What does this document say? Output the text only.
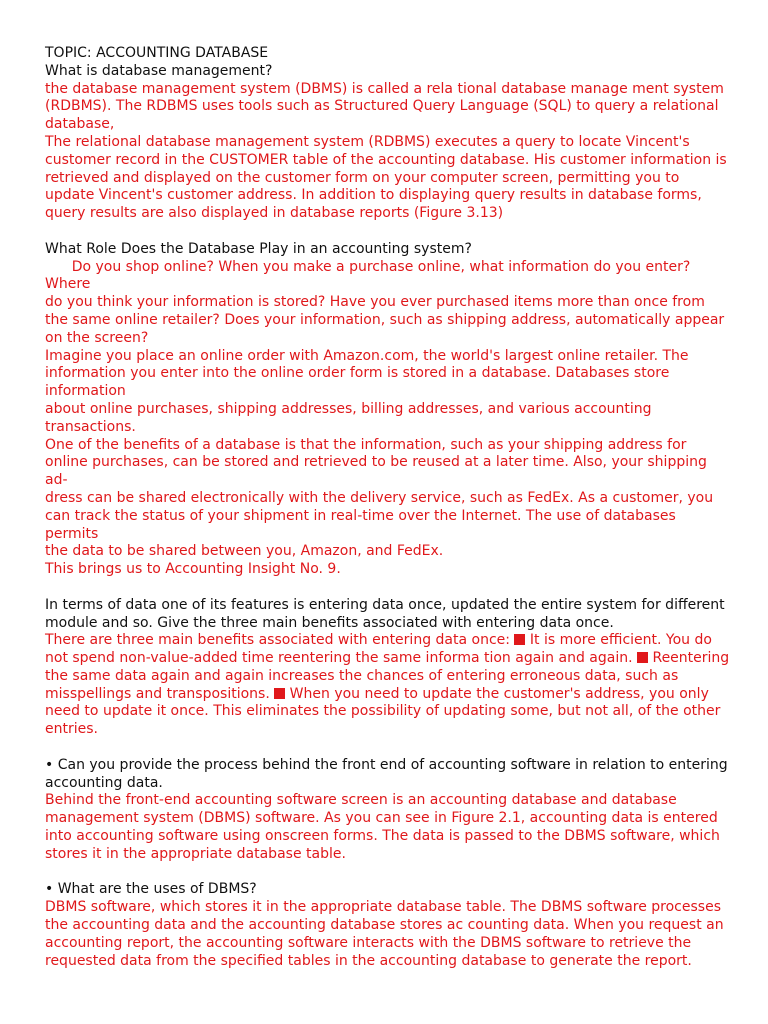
TOPIC: ACCOUNTING DATABASE
What is database management?
the database management system (DBMS) is called a rela tional database manage ment system
(RDBMS). The RDBMS uses tools such as Structured Query Language (SQL) to query a relational
database,
The relational database management system (RDBMS) executes a query to locate Vincent's
customer record in the CUSTOMER table of the accounting database. His customer information is
retrieved and displayed on the customer form on your computer screen, permitting you to
update Vincent's customer address. In addition to displaying query results in database forms,
query results are also displayed in database reports (Figure 3.13)
What Role Does the Database Play in an accounting system?
Do you shop online? When you make a purchase online, what information do you enter?
Where
do you think your information is stored? Have you ever purchased items more than once from
the same online retailer? Does your information, such as shipping address, automatically appear
on the screen?
Imagine you place an online order with Amazon.com, the world's largest online retailer. The
information you enter into the online order form is stored in a database. Databases store
information
about online purchases, shipping addresses, billing addresses, and various accounting
transactions.
One of the benefits of a database is that the information, such as your shipping address for
online purchases, can be stored and retrieved to be reused at a later time. Also, your shipping
ad-
dress can be shared electronically with the delivery service, such as FedEx. As a customer, you
can track the status of your shipment in real-time over the Internet. The use of databases
permits
the data to be shared between you, Amazon, and FedEx.
This brings us to Accounting Insight No. 9.
In terms of data one of its features is entering data once, updated the entire system for different
module and so. Give the three main benefits associated with entering data once.
There are three main benefits associated with entering data once:  It is more efficient. You do
not spend non-value-added time reentering the same informa tion again and again.  Reentering
the same data again and again increases the chances of entering erroneous data, such as
misspellings and transpositions.  When you need to update the customer's address, you only
need to update it once. This eliminates the possibility of updating some, but not all, of the other
entries.
• Can you provide the process behind the front end of accounting software in relation to entering
accounting data.
Behind the front-end accounting software screen is an accounting database and database
management system (DBMS) software. As you can see in Figure 2.1, accounting data is entered
into accounting software using onscreen forms. The data is passed to the DBMS software, which
stores it in the appropriate database table.
• What are the uses of DBMS?
DBMS software, which stores it in the appropriate database table. The DBMS software processes
the accounting data and the accounting database stores ac counting data. When you request an
accounting report, the accounting software interacts with the DBMS software to retrieve the
requested data from the specified tables in the accounting database to generate the report.
